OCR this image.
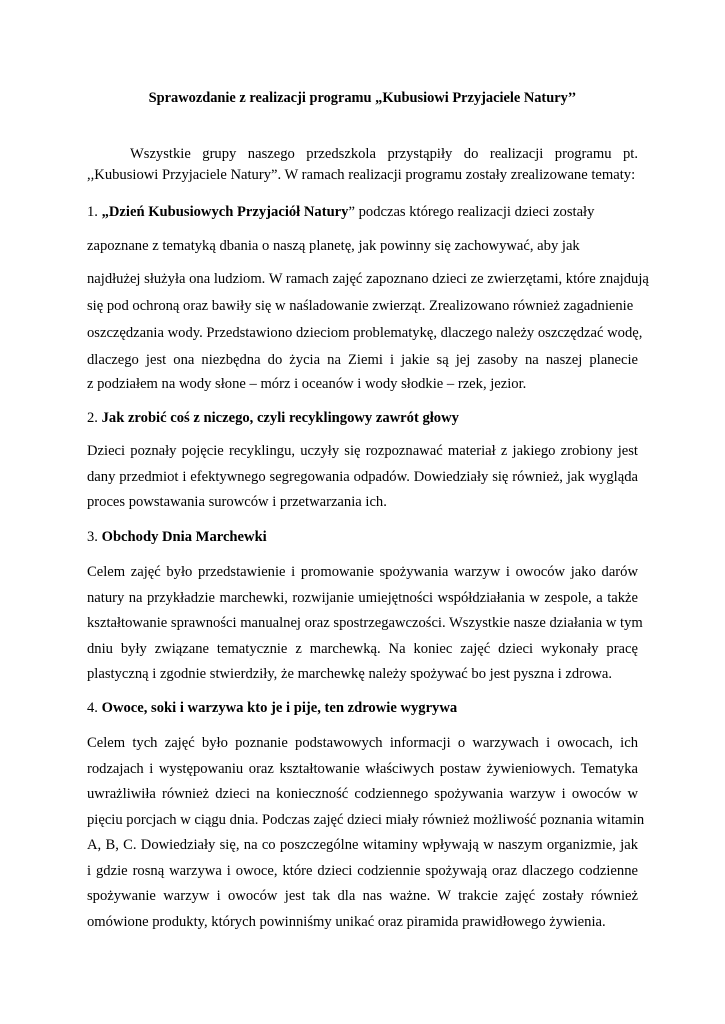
Sprawozdanie z realizacji programu „Kubusiowi Przyjaciele Natury’’
Wszystkie grupy naszego przedszkola przystąpiły do realizacji programu pt.
,,Kubusiowi Przyjaciele Natury”. W ramach realizacji programu zostały zrealizowane tematy:
1. „Dzień Kubusiowych Przyjaciół Natury” podczas którego realizacji dzieci zostały
zapoznane z tematyką dbania o naszą planetę, jak powinny się zachowywać, aby jak
najdłużej służyła ona ludziom. W ramach zajęć zapoznano dzieci ze zwierzętami, które znajdują
się pod ochroną oraz bawiły się w naśladowanie zwierząt. Zrealizowano również zagadnienie
oszczędzania wody. Przedstawiono dzieciom problematykę, dlaczego należy oszczędzać wodę,
dlaczego jest ona niezbędna do życia na Ziemi i jakie są jej zasoby na naszej planecie
z podziałem na wody słone – mórz i oceanów i wody słodkie – rzek, jezior.
2. Jak zrobić coś z niczego, czyli recyklingowy zawrót głowy
Dzieci poznały pojęcie recyklingu, uczyły się rozpoznawać materiał z jakiego zrobiony jest
dany przedmiot i efektywnego segregowania odpadów. Dowiedziały się również, jak wygląda
proces powstawania surowców i przetwarzania ich.
3. Obchody Dnia Marchewki
Celem zajęć było przedstawienie i promowanie spożywania warzyw i owoców jako darów
natury na przykładzie marchewki, rozwijanie umiejętności współdziałania w zespole, a także
kształtowanie sprawności manualnej oraz spostrzegawczości. Wszystkie nasze działania w tym
dniu były związane tematycznie z marchewką. Na koniec zajęć dzieci wykonały pracę
plastyczną i zgodnie stwierdziły, że marchewkę należy spożywać bo jest pyszna i zdrowa.
4. Owoce, soki i warzywa kto je i pije, ten zdrowie wygrywa
Celem tych zajęć było poznanie podstawowych informacji o warzywach i owocach, ich
rodzajach i występowaniu oraz kształtowanie właściwych postaw żywieniowych. Tematyka
uwrażliwiła również dzieci na konieczność codziennego spożywania warzyw i owoców w
pięciu porcjach w ciągu dnia. Podczas zajęć dzieci miały również możliwość poznania witamin
A, B, C. Dowiedziały się, na co poszczególne witaminy wpływają w naszym organizmie, jak
i gdzie rosną warzywa i owoce, które dzieci codziennie spożywają oraz dlaczego codzienne
spożywanie warzyw i owoców jest tak dla nas ważne. W trakcie zajęć zostały również
omówione produkty, których powinniśmy unikać oraz piramida prawidłowego żywienia.
